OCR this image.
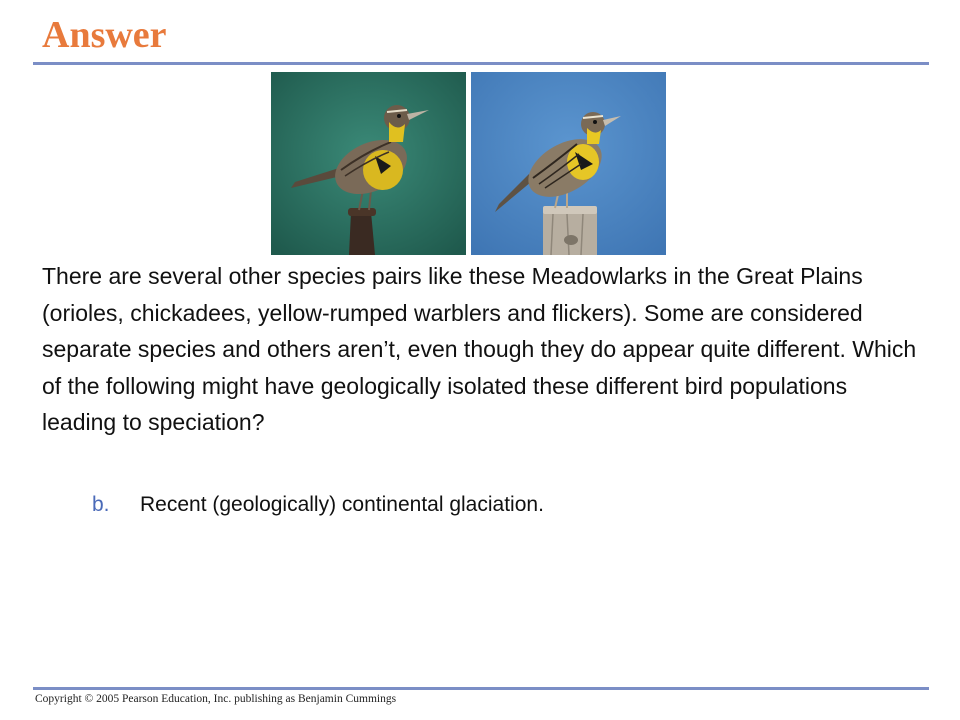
Answer

There are several other species pairs like these Meadowlarks in the Great Plains (orioles, chickadees, yellow-rumped warblers and flickers). Some are considered separate species and others aren’t, even though they do appear quite different. Which of the following might have geologically isolated these different bird populations leading to speciation?

b. Recent (geologically) continental glaciation.
Copyright © 2005 Pearson Education, Inc. publishing as Benjamin Cummings
